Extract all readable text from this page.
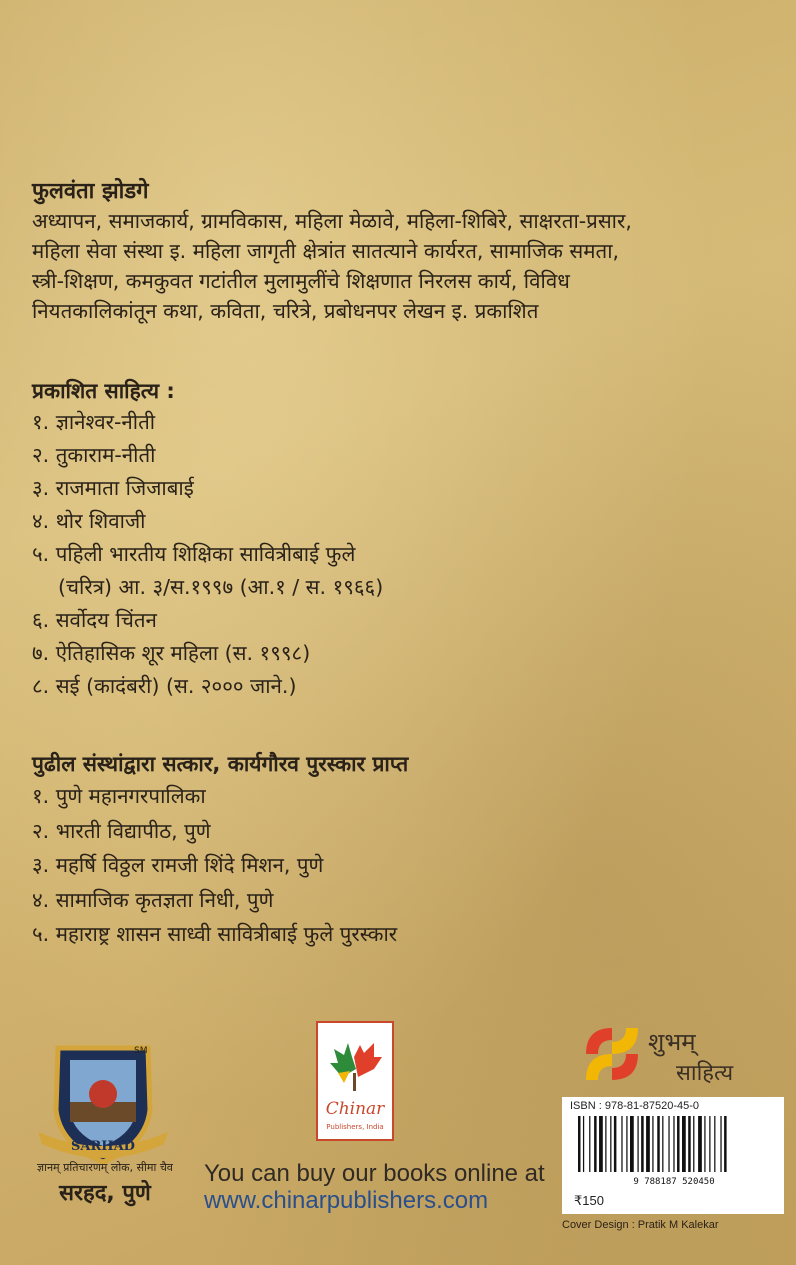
फुलवंता झोडगे
अध्यापन, समाजकार्य, ग्रामविकास, महिला मेळावे, महिला-शिबिरे, साक्षरता-प्रसार,
महिला सेवा संस्था इ. महिला जागृती क्षेत्रांत सातत्याने कार्यरत, सामाजिक समता,
स्त्री-शिक्षण, कमकुवत गटांतील मुलामुलींचे शिक्षणात निरलस कार्य, विविध
नियतकालिकांतून कथा, कविता, चरित्रे, प्रबोधनपर लेखन इ. प्रकाशित
प्रकाशित साहित्य :
१. ज्ञानेश्वर-नीती
२. तुकाराम-नीती
३. राजमाता जिजाबाई
४. थोर शिवाजी
५. पहिली भारतीय शिक्षिका सावित्रीबाई फुले
(चरित्र) आ. ३/स.१९९७ (आ.१ / स. १९६६)
६. सर्वोदय चिंतन
७. ऐतिहासिक शूर महिला (स. १९९८)
८. सई (कादंबरी) (स. २००० जाने.)
पुढील संस्थांद्वारा सत्कार, कार्यगौरव पुरस्कार प्राप्त
१. पुणे महानगरपालिका
२. भारती विद्यापीठ, पुणे
३. महर्षि विठ्ठल रामजी शिंदे मिशन, पुणे
४. सामाजिक कृतज्ञता निधी, पुणे
५. महाराष्ट्र शासन साध्वी सावित्रीबाई फुले पुरस्कार
SARHAD
SM
ज्ञानम् प्रतिचारणम् लोक, सीमा चैव
सरहद, पुणे
Chinar
Publishers, India
You can buy our books online at
www.chinarpublishers.com
शुभम्
साहित्य
ISBN : 978-81-87520-45-0
9 788187 520450
₹150
Cover Design : Pratik M Kalekar
